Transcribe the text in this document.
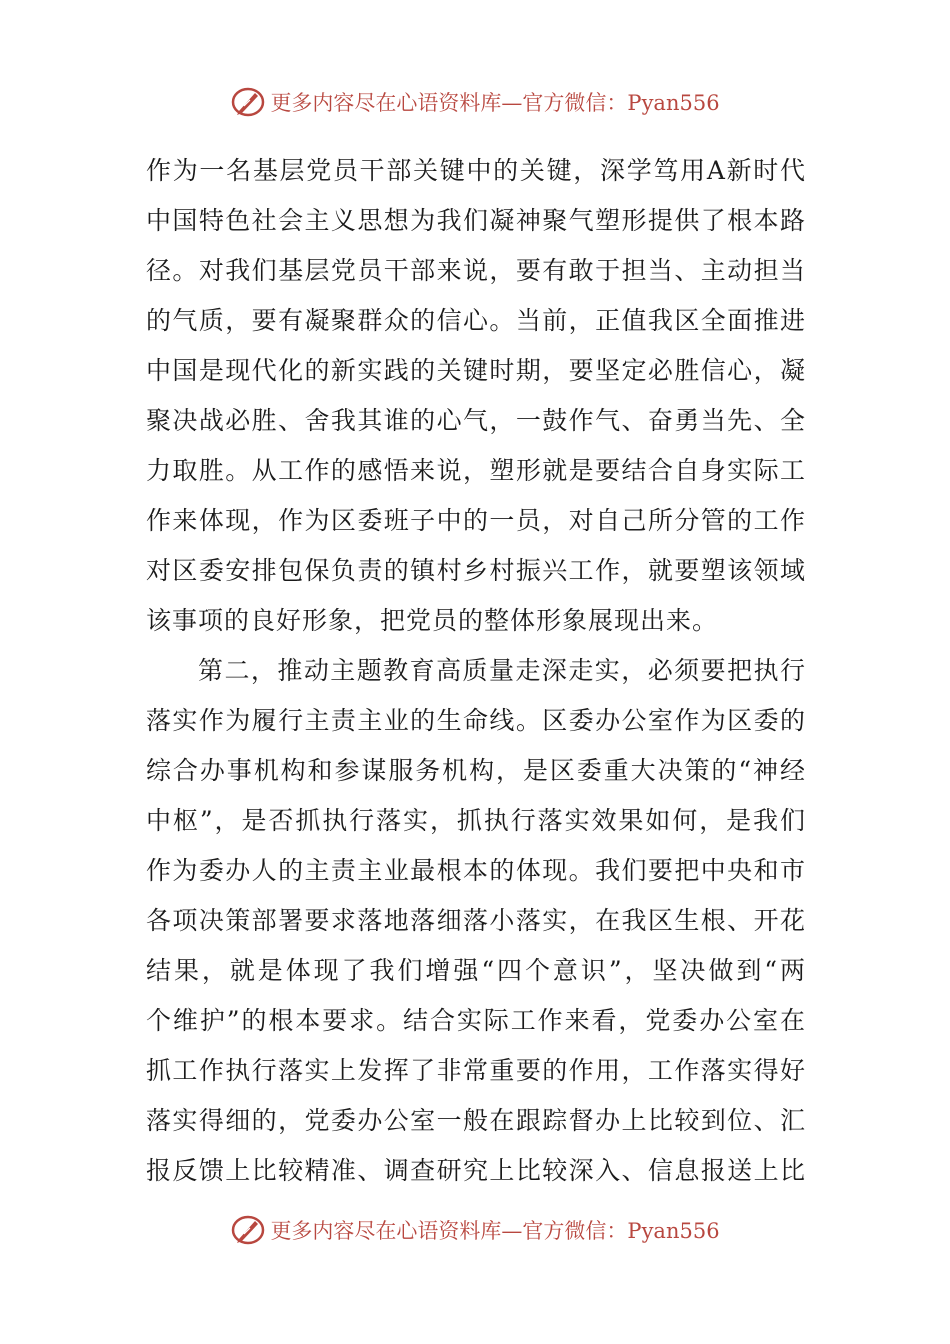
更多内容尽在心语资料库—官方微信：Pyan556
作为一名基层党员干部关键中的关键，深学笃用A新时代
中国特色社会主义思想为我们凝神聚气塑形提供了根本路
径。对我们基层党员干部来说，要有敢于担当、主动担当
的气质，要有凝聚群众的信心。当前，正值我区全面推进
中国是现代化的新实践的关键时期，要坚定必胜信心，凝
聚决战必胜、舍我其谁的心气，一鼓作气、奋勇当先、全
力取胜。从工作的感悟来说，塑形就是要结合自身实际工
作来体现，作为区委班子中的一员，对自己所分管的工作
对区委安排包保负责的镇村乡村振兴工作，就要塑该领域
该事项的良好形象，把党员的整体形象展现出来。
第二，推动主题教育高质量走深走实，必须要把执行
落实作为履行主责主业的生命线。区委办公室作为区委的
综合办事机构和参谋服务机构，是区委重大决策的“神经
中枢”，是否抓执行落实，抓执行落实效果如何，是我们
作为委办人的主责主业最根本的体现。我们要把中央和市
各项决策部署要求落地落细落小落实，在我区生根、开花
结果，就是体现了我们增强“四个意识”，坚决做到“两
个维护”的根本要求。结合实际工作来看，党委办公室在
抓工作执行落实上发挥了非常重要的作用，工作落实得好
落实得细的，党委办公室一般在跟踪督办上比较到位、汇
报反馈上比较精准、调查研究上比较深入、信息报送上比
更多内容尽在心语资料库—官方微信：Pyan556
